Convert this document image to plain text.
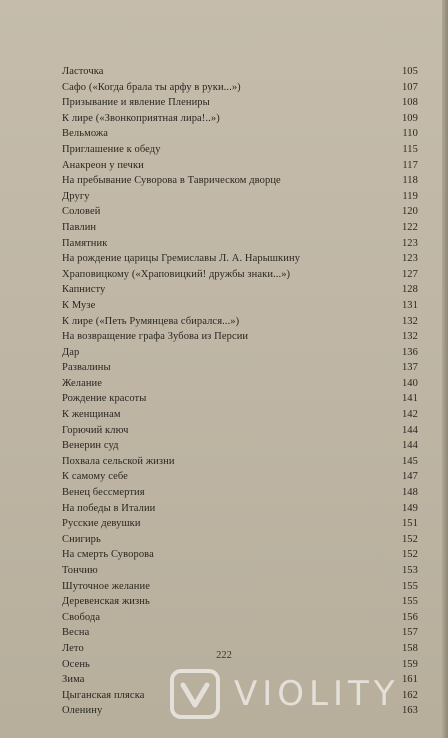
Ласточка	105
Сафо («Когда брала ты арфу в руки...»)	107
Призывание и явление Плениры	108
К лире («Звонкоприятная лира!..»)	109
Вельможа	110
Приглашение к обеду	115
Анакреон у печки	117
На пребывание Суворова в Таврическом дворце	118
Другу	119
Соловей	120
Павлин	122
Памятник	123
На рождение царицы Гремиславы Л. А. Нарышкину	123
Храповицкому («Храповицкий! дружбы знаки...»)	127
Капнисту	128
К Музе	131
К лире («Петь Румянцева сбирался...»)	132
На возвращение графа Зубова из Персии	132
Дар	136
Развалины	137
Желание	140
Рождение красоты	141
К женщинам	142
Горючий ключ	144
Венерин суд	144
Похвала сельской жизни	145
К самому себе	147
Венец бессмертия	148
На победы в Италии	149
Русские девушки	151
Снигирь	152
На смерть Суворова	152
Тончию	153
Шуточное желание	155
Деревенская жизнь	155
Свобода	156
Весна	157
Лето	158
Осень	159
Зима	161
Цыганская пляска	162
Оленину	163
222
VIOLITY
